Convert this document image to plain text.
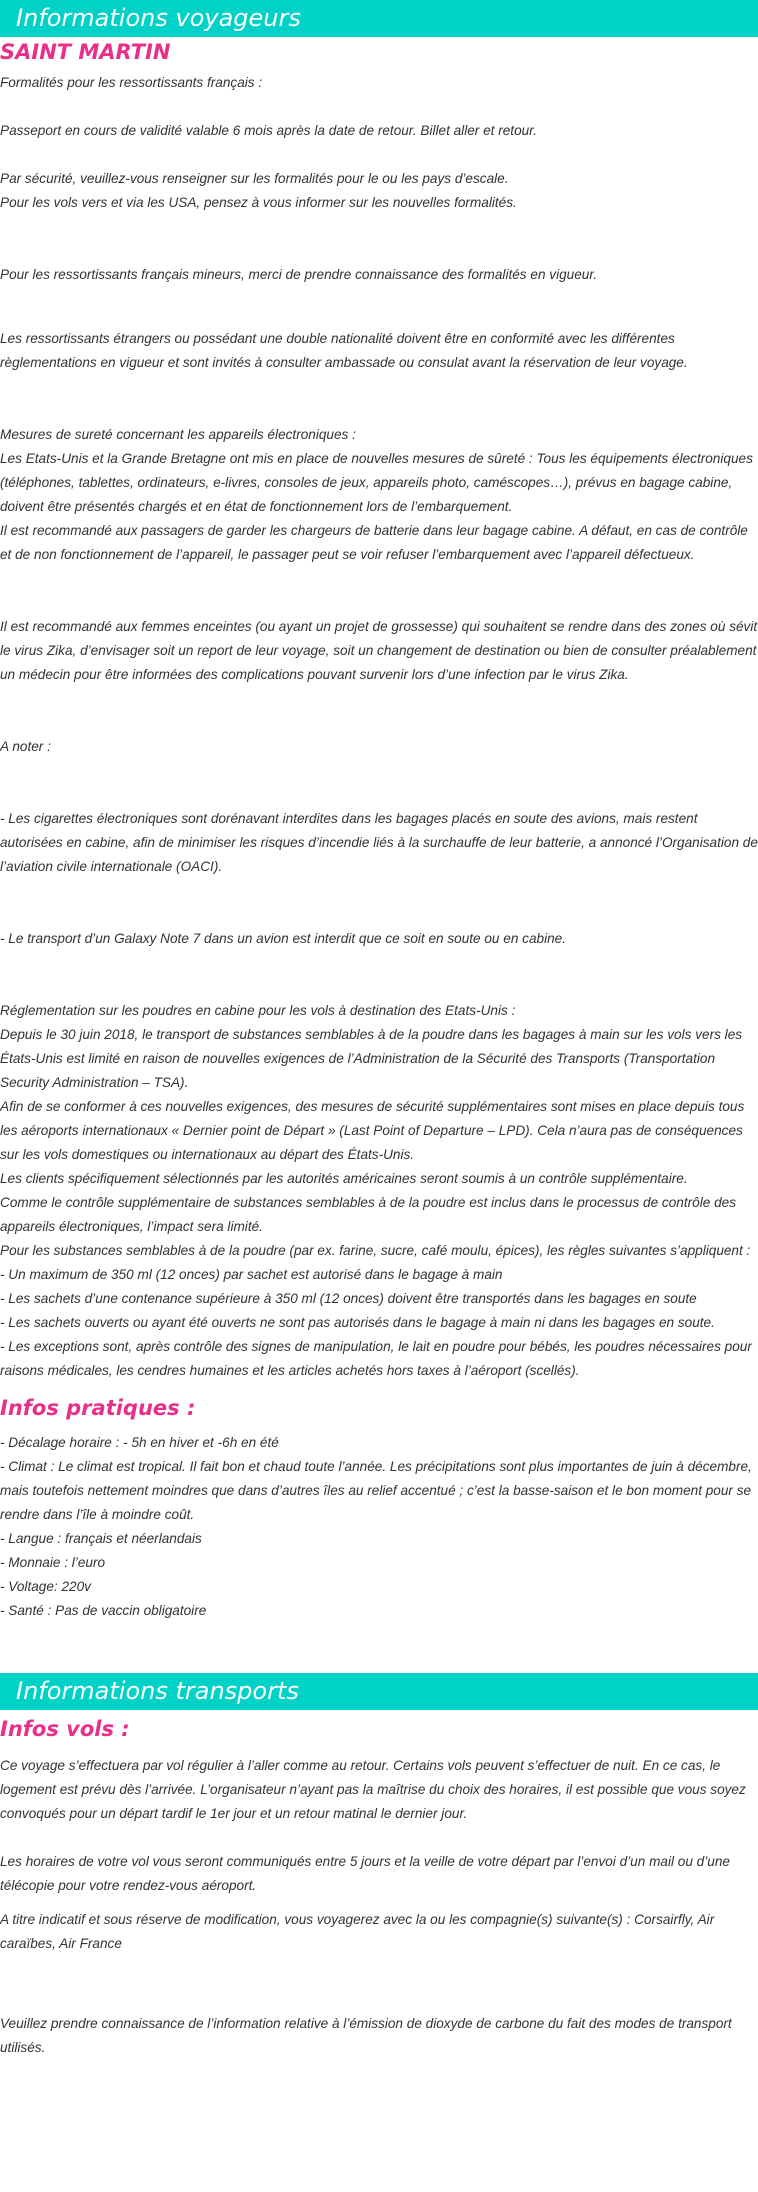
Informations voyageurs
SAINT MARTIN

Formalités pour les ressortissants français :

Passeport en cours de validité valable 6 mois après la date de retour. Billet aller et retour.

Par sécurité, veuillez-vous renseigner sur les formalités pour le ou les pays d’escale.
Pour les vols vers et via les USA, pensez à vous informer sur les nouvelles formalités.

Pour les ressortissants français mineurs, merci de prendre connaissance des formalités en vigueur.

Les ressortissants étrangers ou possédant une double nationalité doivent être en conformité avec les différentes règlementations en vigueur et sont invités à consulter ambassade ou consulat avant la réservation de leur voyage.

Mesures de sureté concernant les appareils électroniques :
Les Etats-Unis et la Grande Bretagne ont mis en place de nouvelles mesures de sûreté : Tous les équipements électroniques (téléphones, tablettes, ordinateurs, e-livres, consoles de jeux, appareils photo, caméscopes…), prévus en bagage cabine, doivent être présentés chargés et en état de fonctionnement lors de l’embarquement.
Il est recommandé aux passagers de garder les chargeurs de batterie dans leur bagage cabine. A défaut, en cas de contrôle et de non fonctionnement de l’appareil, le passager peut se voir refuser l’embarquement avec l’appareil défectueux.

Il est recommandé aux femmes enceintes (ou ayant un projet de grossesse) qui souhaitent se rendre dans des zones où sévit le virus Zika, d’envisager soit un report de leur voyage, soit un changement de destination ou bien de consulter préalablement un médecin pour être informées des complications pouvant survenir lors d’une infection par le virus Zika.

A noter :

- Les cigarettes électroniques sont dorénavant interdites dans les bagages placés en soute des avions, mais restent autorisées en cabine, afin de minimiser les risques d’incendie liés à la surchauffe de leur batterie, a annoncé l’Organisation de l’aviation civile internationale (OACI).

- Le transport d’un Galaxy Note 7 dans un avion est interdit que ce soit en soute ou en cabine.

Réglementation sur les poudres en cabine pour les vols à destination des Etats-Unis :
Depuis le 30 juin 2018, le transport de substances semblables à de la poudre dans les bagages à main sur les vols vers les États-Unis est limité en raison de nouvelles exigences de l’Administration de la Sécurité des Transports (Transportation Security Administration – TSA).
Afin de se conformer à ces nouvelles exigences, des mesures de sécurité supplémentaires sont mises en place depuis tous les aéroports internationaux « Dernier point de Départ » (Last Point of Departure – LPD). Cela n’aura pas de conséquences sur les vols domestiques ou internationaux au départ des États-Unis.
Les clients spécifiquement sélectionnés par les autorités américaines seront soumis à un contrôle supplémentaire.
Comme le contrôle supplémentaire de substances semblables à de la poudre est inclus dans le processus de contrôle des appareils électroniques, l’impact sera limité.
Pour les substances semblables à de la poudre (par ex. farine, sucre, café moulu, épices), les règles suivantes s’appliquent :
- Un maximum de 350 ml (12 onces) par sachet est autorisé dans le bagage à main
- Les sachets d’une contenance supérieure à 350 ml (12 onces) doivent être transportés dans les bagages en soute
- Les sachets ouverts ou ayant été ouverts ne sont pas autorisés dans le bagage à main ni dans les bagages en soute.
- Les exceptions sont, après contrôle des signes de manipulation, le lait en poudre pour bébés, les poudres nécessaires pour raisons médicales, les cendres humaines et les articles achetés hors taxes à l’aéroport (scellés).

Infos pratiques :

- Décalage horaire : - 5h en hiver et -6h en été
- Climat : Le climat est tropical. Il fait bon et chaud toute l’année. Les précipitations sont plus importantes de juin à décembre, mais toutefois nettement moindres que dans d’autres îles au relief accentué ; c’est la basse-saison et le bon moment pour se rendre dans l’île à moindre coût.
- Langue : français et néerlandais
- Monnaie : l’euro
- Voltage: 220v
- Santé : Pas de vaccin obligatoire

Informations transports
Infos vols :

Ce voyage s’effectuera par vol régulier à l’aller comme au retour. Certains vols peuvent s’effectuer de nuit. En ce cas, le logement est prévu dès l’arrivée. L’organisateur n’ayant pas la maîtrise du choix des horaires, il est possible que vous soyez convoqués pour un départ tardif le 1er jour et un retour matinal le dernier jour.

Les horaires de votre vol vous seront communiqués entre 5 jours et la veille de votre départ par l’envoi d’un mail ou d’une télécopie pour votre rendez-vous aéroport.

A titre indicatif et sous réserve de modification, vous voyagerez avec la ou les compagnie(s) suivante(s) : Corsairfly, Air caraïbes, Air France

Veuillez prendre connaissance de l’information relative à l’émission de dioxyde de carbone du fait des modes de transport utilisés.
